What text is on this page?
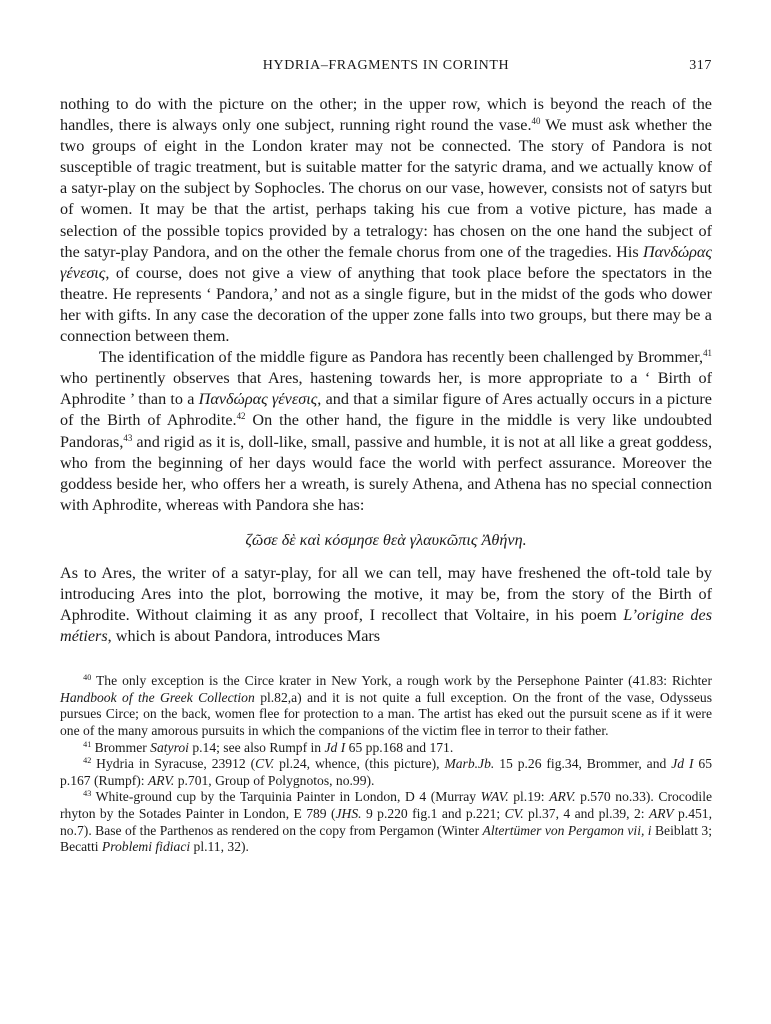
HYDRIA–FRAGMENTS IN CORINTH	317

nothing to do with the picture on the other; in the upper row, which is beyond the reach of the handles, there is always only one subject, running right round the vase.$^{40}$ We must ask whether the two groups of eight in the London krater may not be connected. The story of Pandora is not susceptible of tragic treatment, but is suitable matter for the satyric drama, and we actually know of a satyr-play on the subject by Sophocles. The chorus on our vase, however, consists not of satyrs but of women. It may be that the artist, perhaps taking his cue from a votive picture, has made a selection of the possible topics provided by a tetralogy: has chosen on the one hand the subject of the satyr-play Pandora, and on the other the female chorus from one of the tragedies. His Πανδώρας γένεσις, of course, does not give a view of anything that took place before the spectators in the theatre. He represents ‘ Pandora,’ and not as a single figure, but in the midst of the gods who dower her with gifts. In any case the decoration of the upper zone falls into two groups, but there may be a connection between them.

The identification of the middle figure as Pandora has recently been challenged by Brommer,$^{41}$ who pertinently observes that Ares, hastening towards her, is more appropriate to a ‘ Birth of Aphrodite ’ than to a Πανδώρας γένεσις, and that a similar figure of Ares actually occurs in a picture of the Birth of Aphrodite.$^{42}$ On the other hand, the figure in the middle is very like undoubted Pandoras,$^{43}$ and rigid as it is, doll-like, small, passive and humble, it is not at all like a great goddess, who from the beginning of her days would face the world with perfect assurance. Moreover the goddess beside her, who offers her a wreath, is surely Athena, and Athena has no special connection with Aphrodite, whereas with Pandora she has:

ζῶσε δὲ καὶ κόσμησε θεὰ γλαυκῶπις Ἀθήνη.

As to Ares, the writer of a satyr-play, for all we can tell, may have freshened the oft-told tale by introducing Ares into the plot, borrowing the motive, it may be, from the story of the Birth of Aphrodite. Without claiming it as any proof, I recollect that Voltaire, in his poem L’origine des métiers, which is about Pandora, introduces Mars

$^{40}$ The only exception is the Circe krater in New York, a rough work by the Persephone Painter (41.83: Richter Handbook of the Greek Collection pl.82,a) and it is not quite a full exception. On the front of the vase, Odysseus pursues Circe; on the back, women flee for protection to a man. The artist has eked out the pursuit scene as if it were one of the many amorous pursuits in which the companions of the victim flee in terror to their father.

$^{41}$ Brommer Satyroi p.14; see also Rumpf in Jd I 65 pp.168 and 171.

$^{42}$ Hydria in Syracuse, 23912 (CV. pl.24, whence, (this picture), Marb.Jb. 15 p.26 fig.34, Brommer, and Jd I 65 p.167 (Rumpf): ARV. p.701, Group of Polygnotos, no.99).

$^{43}$ White-ground cup by the Tarquinia Painter in London, D 4 (Murray WAV. pl.19: ARV. p.570 no.33). Crocodile rhyton by the Sotades Painter in London, E 789 (JHS. 9 p.220 fig.1 and p.221; CV. pl.37, 4 and pl.39, 2: ARV p.451, no.7). Base of the Parthenos as rendered on the copy from Pergamon (Winter Altertümer von Pergamon vii, i Beiblatt 3; Becatti Problemi fidiaci pl.11, 32).
